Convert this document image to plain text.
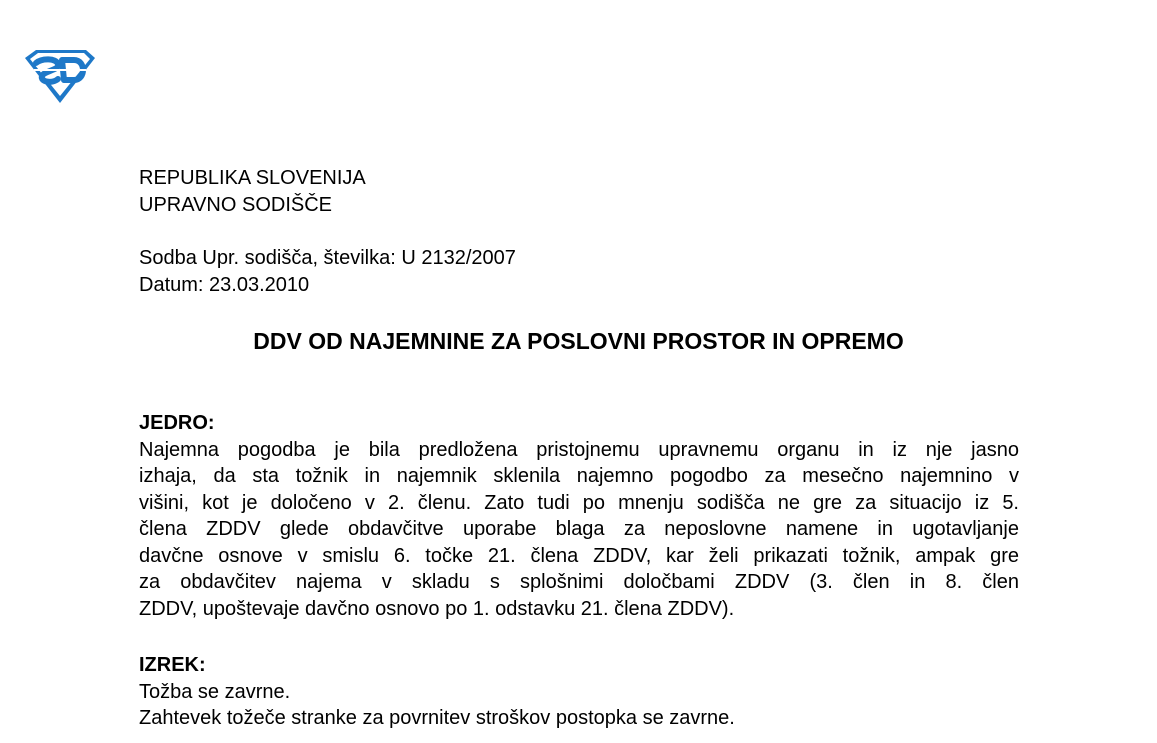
REPUBLIKA SLOVENIJA
UPRAVNO SODIŠČE
Sodba Upr. sodišča, številka: U 2132/2007
Datum: 23.03.2010
DDV OD NAJEMNINE ZA POSLOVNI PROSTOR IN OPREMO
JEDRO:
Najemna pogodba je bila predložena pristojnemu upravnemu organu in iz nje jasno
izhaja, da sta tožnik in najemnik sklenila najemno pogodbo za mesečno najemnino v
višini, kot je določeno v 2. členu. Zato tudi po mnenju sodišča ne gre za situacijo iz 5.
člena ZDDV glede obdavčitve uporabe blaga za neposlovne namene in ugotavljanje
davčne osnove v smislu 6. točke 21. člena ZDDV, kar želi prikazati tožnik, ampak gre
za obdavčitev najema v skladu s splošnimi določbami ZDDV (3. člen in 8. člen
ZDDV, upoštevaje davčno osnovo po 1. odstavku 21. člena ZDDV).
IZREK:
Tožba se zavrne.
Zahtevek tožeče stranke za povrnitev stroškov postopka se zavrne.
